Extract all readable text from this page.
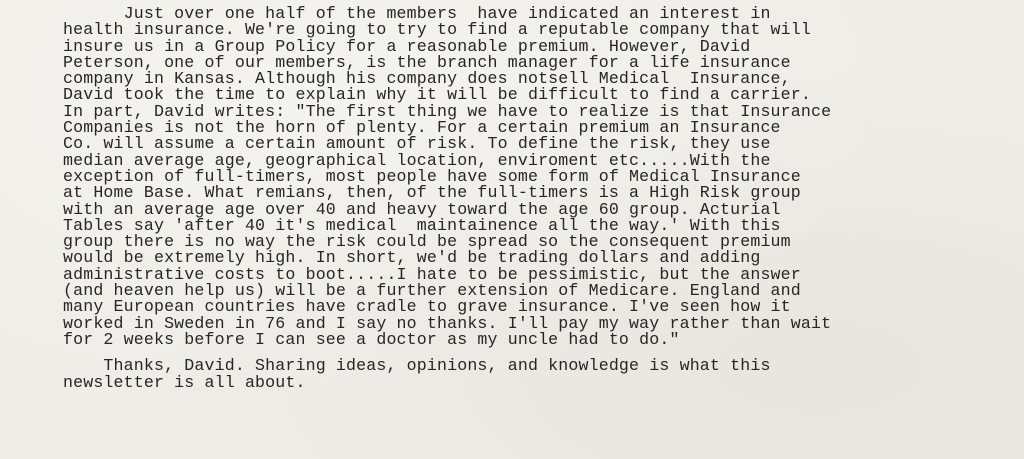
Just over one half of the members  have indicated an interest in
health insurance. We're going to try to find a reputable company that will
insure us in a Group Policy for a reasonable premium. However, David
Peterson, one of our members, is the branch manager for a life insurance
company in Kansas. Although his company does notsell Medical  Insurance,
David took the time to explain why it will be difficult to find a carrier.
In part, David writes: "The first thing we have to realize is that Insurance
Companies is not the horn of plenty. For a certain premium an Insurance
Co. will assume a certain amount of risk. To define the risk, they use
median average age, geographical location, enviroment etc.....With the
exception of full-timers, most people have some form of Medical Insurance
at Home Base. What remians, then, of the full-timers is a High Risk group
with an average age over 40 and heavy toward the age 60 group. Acturial
Tables say 'after 40 it's medical  maintainence all the way.' With this
group there is no way the risk could be spread so the consequent premium
would be extremely high. In short, we'd be trading dollars and adding
administrative costs to boot.....I hate to be pessimistic, but the answer
(and heaven help us) will be a further extension of Medicare. England and
many European countries have cradle to grave insurance. I've seen how it
worked in Sweden in 76 and I say no thanks. I'll pay my way rather than wait
for 2 weeks before I can see a doctor as my uncle had to do."
Thanks, David. Sharing ideas, opinions, and knowledge is what this
newsletter is all about.
